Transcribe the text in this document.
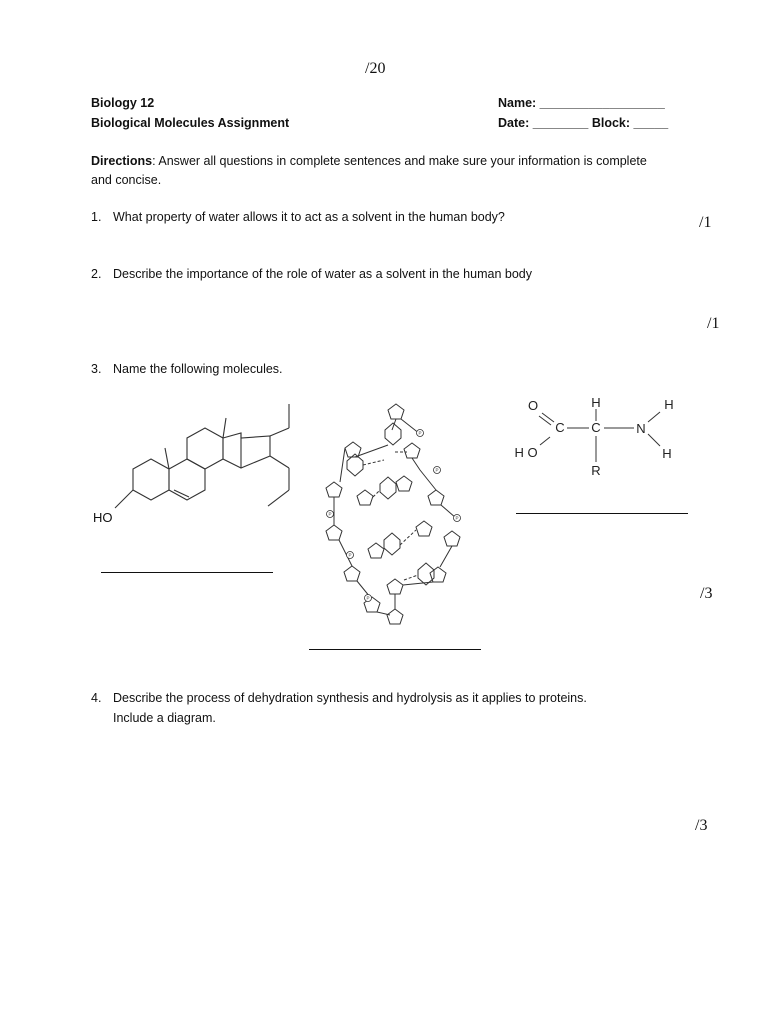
/20
Biology 12
Biological Molecules Assignment
Name: __________________
Date: ________ Block: _____
Directions: Answer all questions in complete sentences and make sure your information is complete and concise.
1. What property of water allows it to act as a solvent in the human body?	/1
2. Describe the importance of the role of water as a solvent in the human body
/1
3. Name the following molecules.
/3
HO
P
P
P
P
P
P
O	H	H
C C	N
H O	H
R
4. Describe the process of dehydration synthesis and hydrolysis as it applies to proteins.
Include a diagram.
/3
